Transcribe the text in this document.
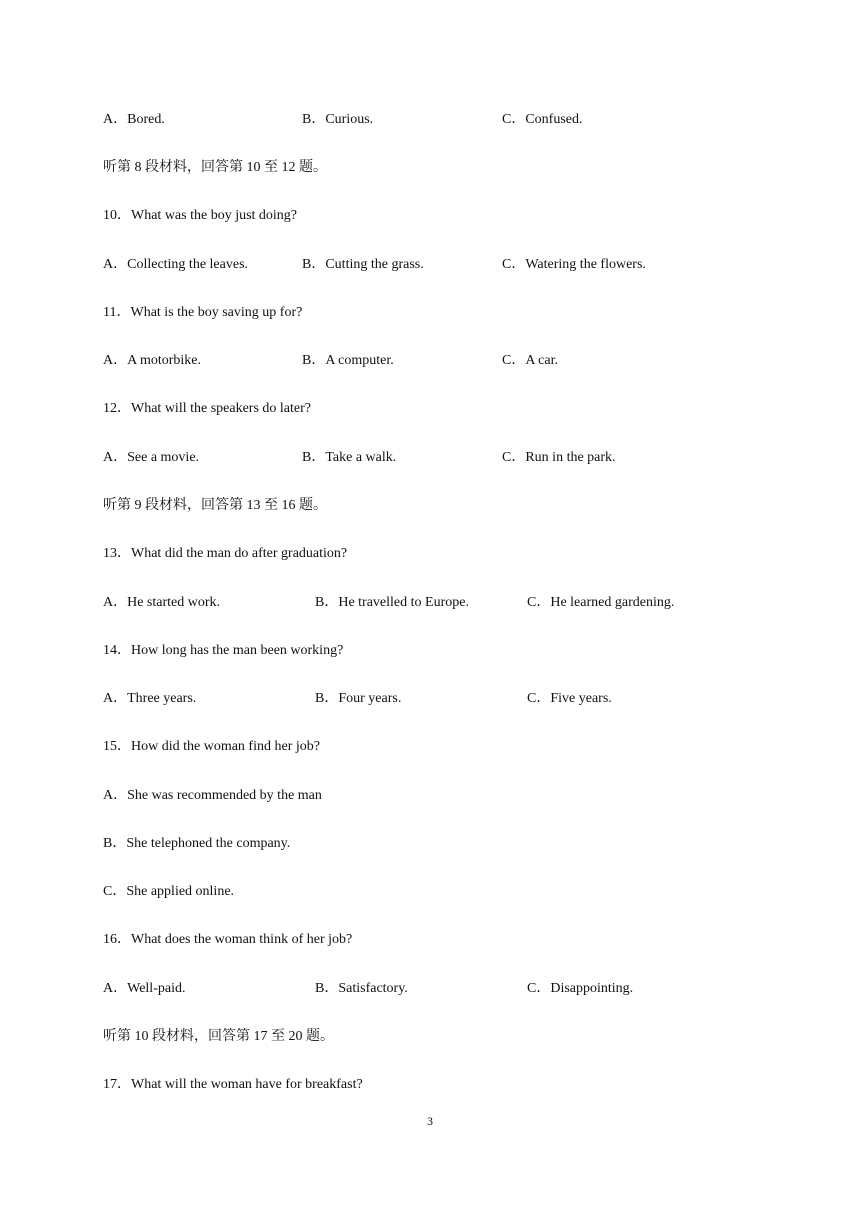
A．Bored.	B．Curious.	C．Confused.
听第 8 段材料，回答第 10 至 12 题。
10．What was the boy just doing?
A．Collecting the leaves.	B．Cutting the grass.	C．Watering the flowers.
11．What is the boy saving up for?
A．A motorbike.	B．A computer.	C．A car.
12．What will the speakers do later?
A．See a movie.	B．Take a walk.	C．Run in the park.
听第 9 段材料，回答第 13 至 16 题。
13．What did the man do after graduation?
A．He started work.	B．He travelled to Europe.	C．He learned gardening.
14．How long has the man been working?
A．Three years.	B．Four years.	C．Five years.
15．How did the woman find her job?
A．She was recommended by the man
B．She telephoned the company.
C．She applied online.
16．What does the woman think of her job?
A．Well-paid.	B．Satisfactory.	C．Disappointing.
听第 10 段材料，回答第 17 至 20 题。
17．What will the woman have for breakfast?
3
